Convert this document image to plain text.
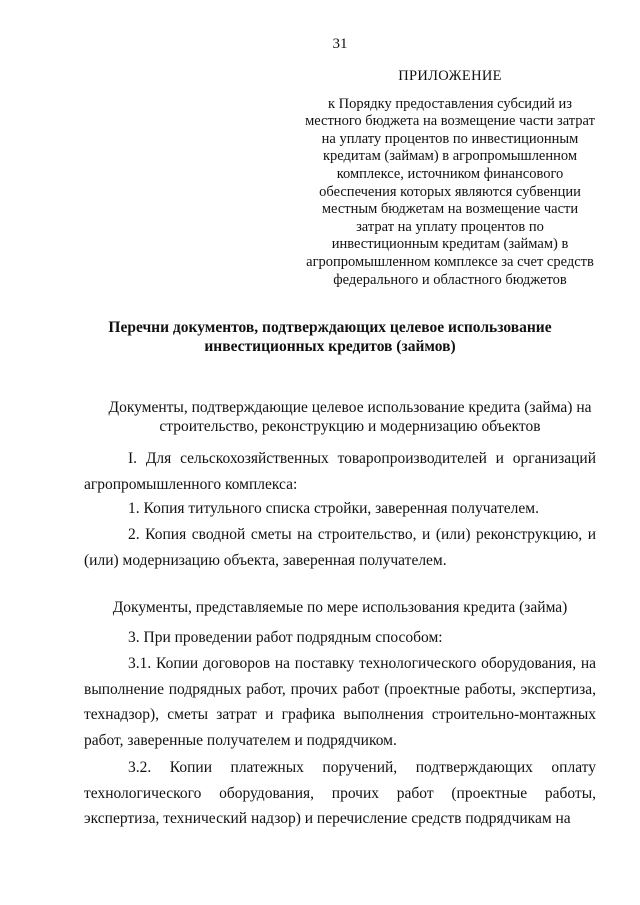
31
ПРИЛОЖЕНИЕ
к Порядку предоставления субсидий из местного бюджета на возмещение части затрат на уплату процентов по инвестиционным кредитам (займам) в агропромышленном комплексе, источником финансового обеспечения которых являются субвенции местным бюджетам на возмещение части затрат на уплату процентов по инвестиционным кредитам (займам) в агропромышленном комплексе за счет средств федерального и областного бюджетов
Перечни документов, подтверждающих целевое использование инвестиционных кредитов (займов)
Документы, подтверждающие целевое использование кредита (займа) на строительство, реконструкцию и модернизацию объектов
I. Для сельскохозяйственных товаропроизводителей и организаций агропромышленного комплекса:
1. Копия титульного списка стройки, заверенная получателем.
2. Копия сводной сметы на строительство, и (или) реконструкцию, и (или) модернизацию объекта, заверенная получателем.
Документы, представляемые по мере использования кредита (займа)
3. При проведении работ подрядным способом:
3.1. Копии договоров на поставку технологического оборудования, на выполнение подрядных работ, прочих работ (проектные работы, экспертиза, технадзор), сметы затрат и графика выполнения строительно-монтажных работ, заверенные получателем и подрядчиком.
3.2. Копии платежных поручений, подтверждающих оплату технологического оборудования, прочих работ (проектные работы, экспертиза, технический надзор) и перечисление средств подрядчикам на
